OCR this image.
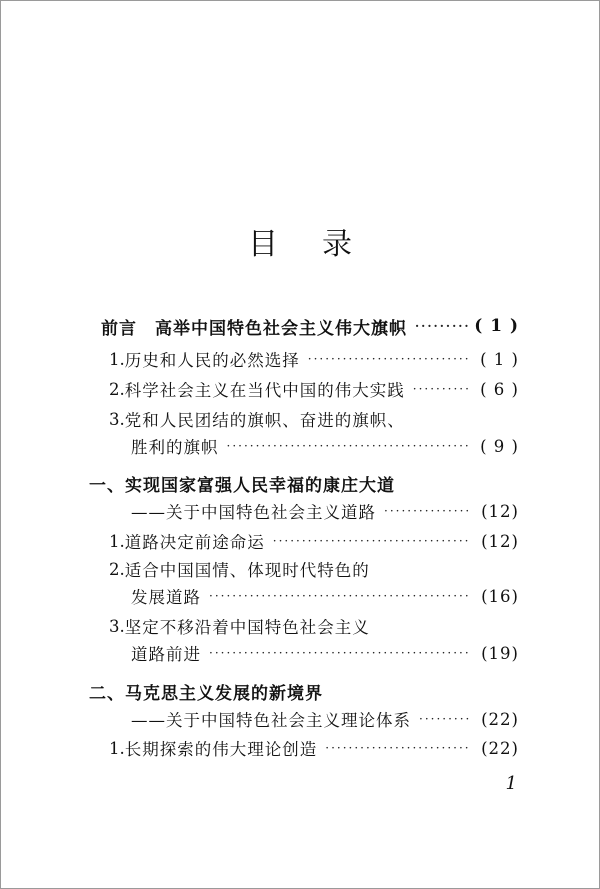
目录
前言　高举中国特色社会主义伟大旗帜 ·····	( 1 )
1. 历史和人民的必然选择 ·····	( 1 )
2. 科学社会主义在当代中国的伟大实践 ·····	( 6 )
3. 党和人民团结的旗帜、奋进的旗帜、
胜利的旗帜 ·····	( 9 )
一、实现国家富强人民幸福的康庄大道
——关于中国特色社会主义道路 ·····	(12)
1. 道路决定前途命运 ·····	(12)
2. 适合中国国情、体现时代特色的
发展道路 ·····	(16)
3. 坚定不移沿着中国特色社会主义
道路前进 ·····	(19)
二、马克思主义发展的新境界
——关于中国特色社会主义理论体系 ·····	(22)
1. 长期探索的伟大理论创造 ·····	(22)
1
